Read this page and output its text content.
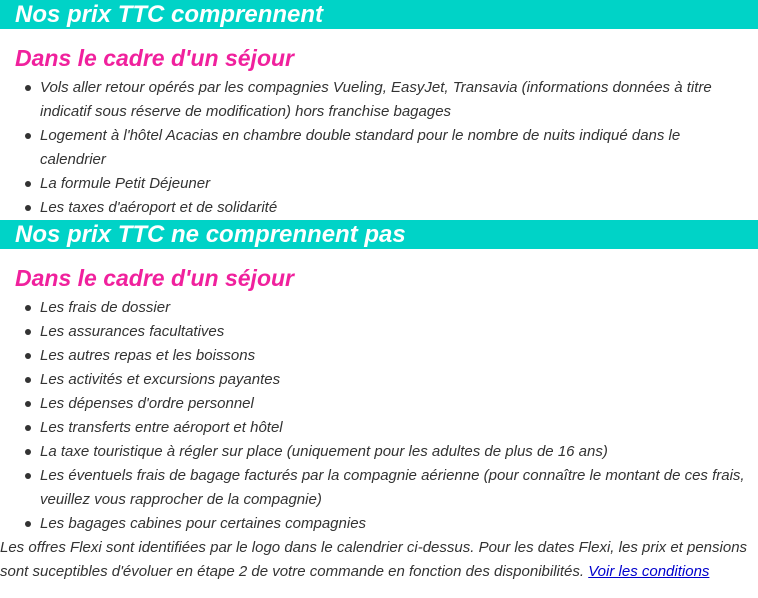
Nos prix TTC comprennent
Dans le cadre d'un séjour
Vols aller retour opérés par les compagnies Vueling, EasyJet, Transavia (informations données à titre indicatif sous réserve de modification) hors franchise bagages
Logement à l'hôtel Acacias en chambre double standard pour le nombre de nuits indiqué dans le calendrier
La formule Petit Déjeuner
Les taxes d'aéroport et de solidarité
Nos prix TTC ne comprennent pas
Dans le cadre d'un séjour
Les frais de dossier
Les assurances facultatives
Les autres repas et les boissons
Les activités et excursions payantes
Les dépenses d'ordre personnel
Les transferts entre aéroport et hôtel
La taxe touristique à régler sur place (uniquement pour les adultes de plus de 16 ans)
Les éventuels frais de bagage facturés par la compagnie aérienne (pour connaître le montant de ces frais, veuillez vous rapprocher de la compagnie)
Les bagages cabines pour certaines compagnies

Les offres Flexi sont identifiées par le logo dans le calendrier ci-dessus. Pour les dates Flexi, les prix et pensions sont suceptibles d'évoluer en étape 2 de votre commande en fonction des disponibilités. Voir les conditions
